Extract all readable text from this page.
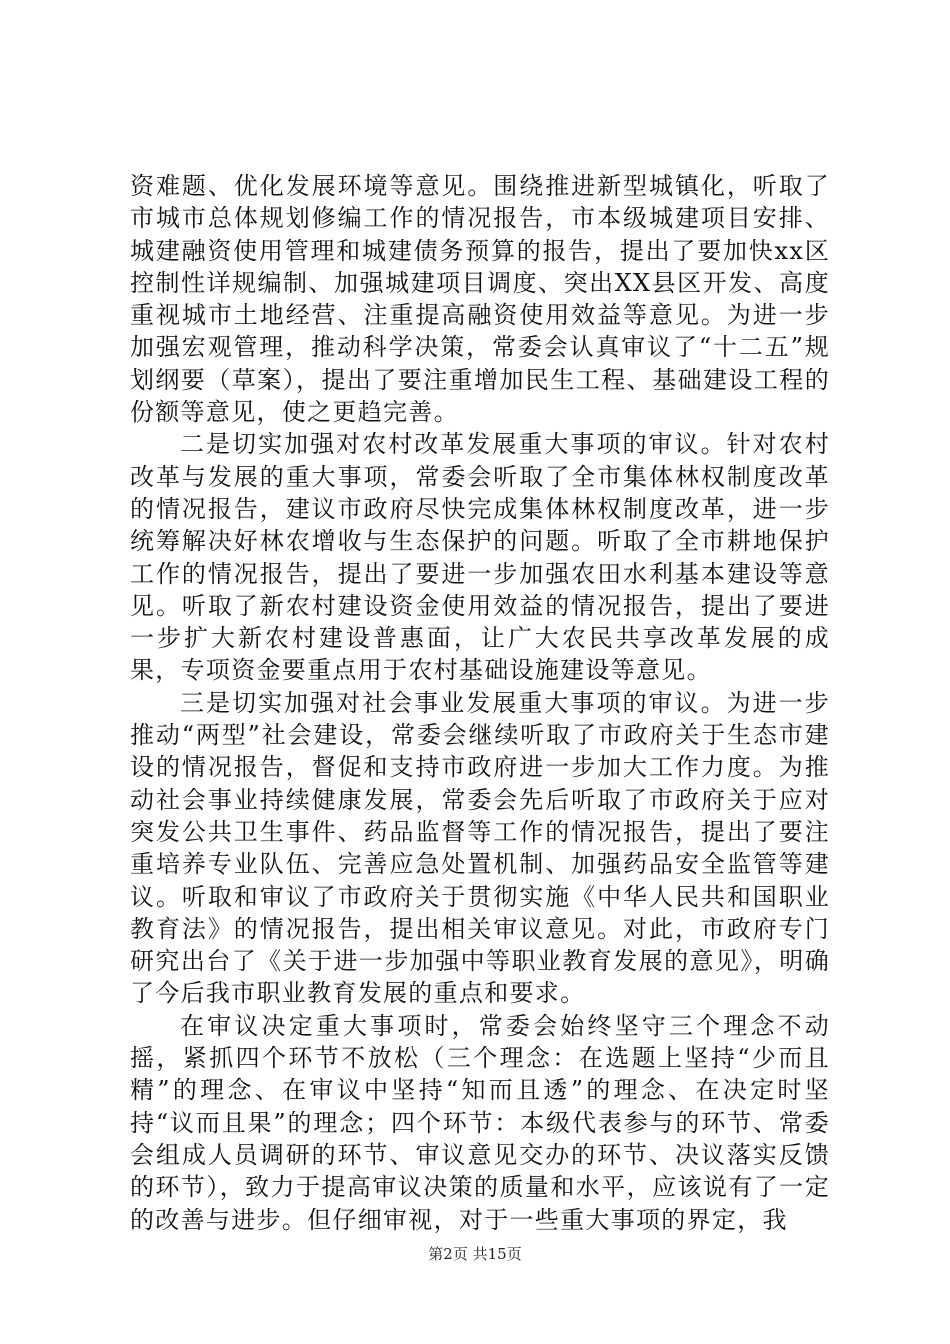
资难题、优化发展环境等意见。围绕推进新型城镇化，听取了市城市总体规划修编工作的情况报告，市本级城建项目安排、城建融资使用管理和城建债务预算的报告，提出了要加快xx区控制性详规编制、加强城建项目调度、突出XX县区开发、高度重视城市土地经营、注重提高融资使用效益等意见。为进一步加强宏观管理，推动科学决策，常委会认真审议了“十二五”规划纲要（草案），提出了要注重增加民生工程、基础建设工程的份额等意见，使之更趋完善。

二是切实加强对农村改革发展重大事项的审议。针对农村改革与发展的重大事项，常委会听取了全市集体林权制度改革的情况报告，建议市政府尽快完成集体林权制度改革，进一步统筹解决好林农增收与生态保护的问题。听取了全市耕地保护工作的情况报告，提出了要进一步加强农田水利基本建设等意见。听取了新农村建设资金使用效益的情况报告，提出了要进一步扩大新农村建设普惠面，让广大农民共享改革发展的成果，专项资金要重点用于农村基础设施建设等意见。

三是切实加强对社会事业发展重大事项的审议。为进一步推动“两型”社会建设，常委会继续听取了市政府关于生态市建设的情况报告，督促和支持市政府进一步加大工作力度。为推动社会事业持续健康发展，常委会先后听取了市政府关于应对突发公共卫生事件、药品监督等工作的情况报告，提出了要注重培养专业队伍、完善应急处置机制、加强药品安全监管等建议。听取和审议了市政府关于贯彻实施《中华人民共和国职业教育法》的情况报告，提出相关审议意见。对此，市政府专门研究出台了《关于进一步加强中等职业教育发展的意见》，明确了今后我市职业教育发展的重点和要求。

在审议决定重大事项时，常委会始终坚守三个理念不动摇，紧抓四个环节不放松（三个理念：在选题上坚持“少而且精”的理念、在审议中坚持“知而且透”的理念、在决定时坚持“议而且果”的理念；四个环节：本级代表参与的环节、常委会组成人员调研的环节、审议意见交办的环节、决议落实反馈的环节），致力于提高审议决策的质量和水平，应该说有了一定的改善与进步。但仔细审视，对于一些重大事项的界定，我

第2页 共15页
